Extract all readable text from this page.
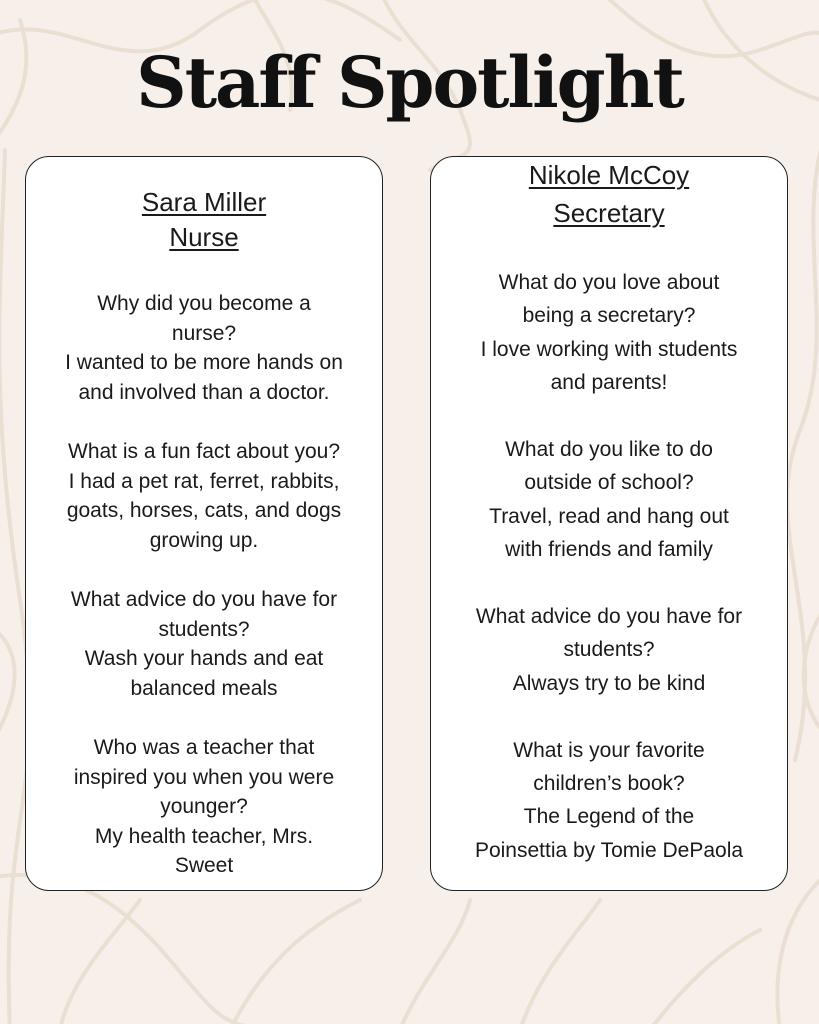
Staff Spotlight
Sara Miller
Nurse
Why did you become a
nurse?
I wanted to be more hands on
and involved than a doctor.
What is a fun fact about you?
I had a pet rat, ferret, rabbits,
goats, horses, cats, and dogs
growing up.
What advice do you have for
students?
Wash your hands and eat
balanced meals
Who was a teacher that
inspired you when you were
younger?
My health teacher, Mrs.
Sweet
Nikole McCoy
Secretary
What do you love about
being a secretary?
I love working with students
and parents!
What do you like to do
outside of school?
Travel, read and hang out
with friends and family
What advice do you have for
students?
Always try to be kind
What is your favorite
children’s book?
The Legend of the
Poinsettia by Tomie DePaola
